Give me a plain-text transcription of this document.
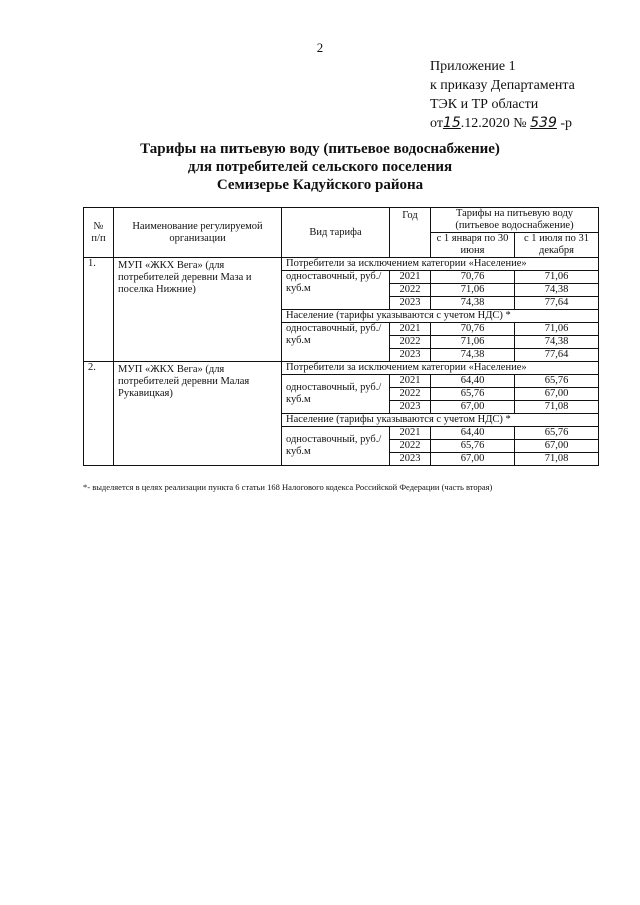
2
Приложение 1
к приказу Департамента
ТЭК и ТР области
от15.12.2020 № 539 -р
Тарифы на питьевую воду (питьевое водоснабжение)
для потребителей сельского поселения
Семизерье Кадуйского района
№ п/п	Наименование регулируемой организации	Вид тарифа	Год	Тарифы на питьевую воду (питьевое водоснабжение)	
				с 1 января по 30 июня	с 1 июля по 31 декабря
1.	МУП «ЖКХ Вега» (для потребителей деревни Маза и поселка Нижние)	Потребители за исключением категории «Население»			
		одноставочный, руб./куб.м	2021	70,76	71,06
			2022	71,06	74,38
			2023	74,38	77,64
		Население (тарифы указываются с учетом НДС) *			
		одноставочный, руб./куб.м	2021	70,76	71,06
			2022	71,06	74,38
			2023	74,38	77,64
2.	МУП «ЖКХ Вега» (для потребителей деревни Малая Рукавицкая)	Потребители за исключением категории «Население»			
		одноставочный, руб./куб.м	2021	64,40	65,76
			2022	65,76	67,00
			2023	67,00	71,08
		Население (тарифы указываются с учетом НДС) *			
		одноставочный, руб./куб.м	2021	64,40	65,76
			2022	65,76	67,00
			2023	67,00	71,08
*- выделяется в целях реализации пункта 6 статьи 168 Налогового кодекса Российской Федерации (часть вторая)
